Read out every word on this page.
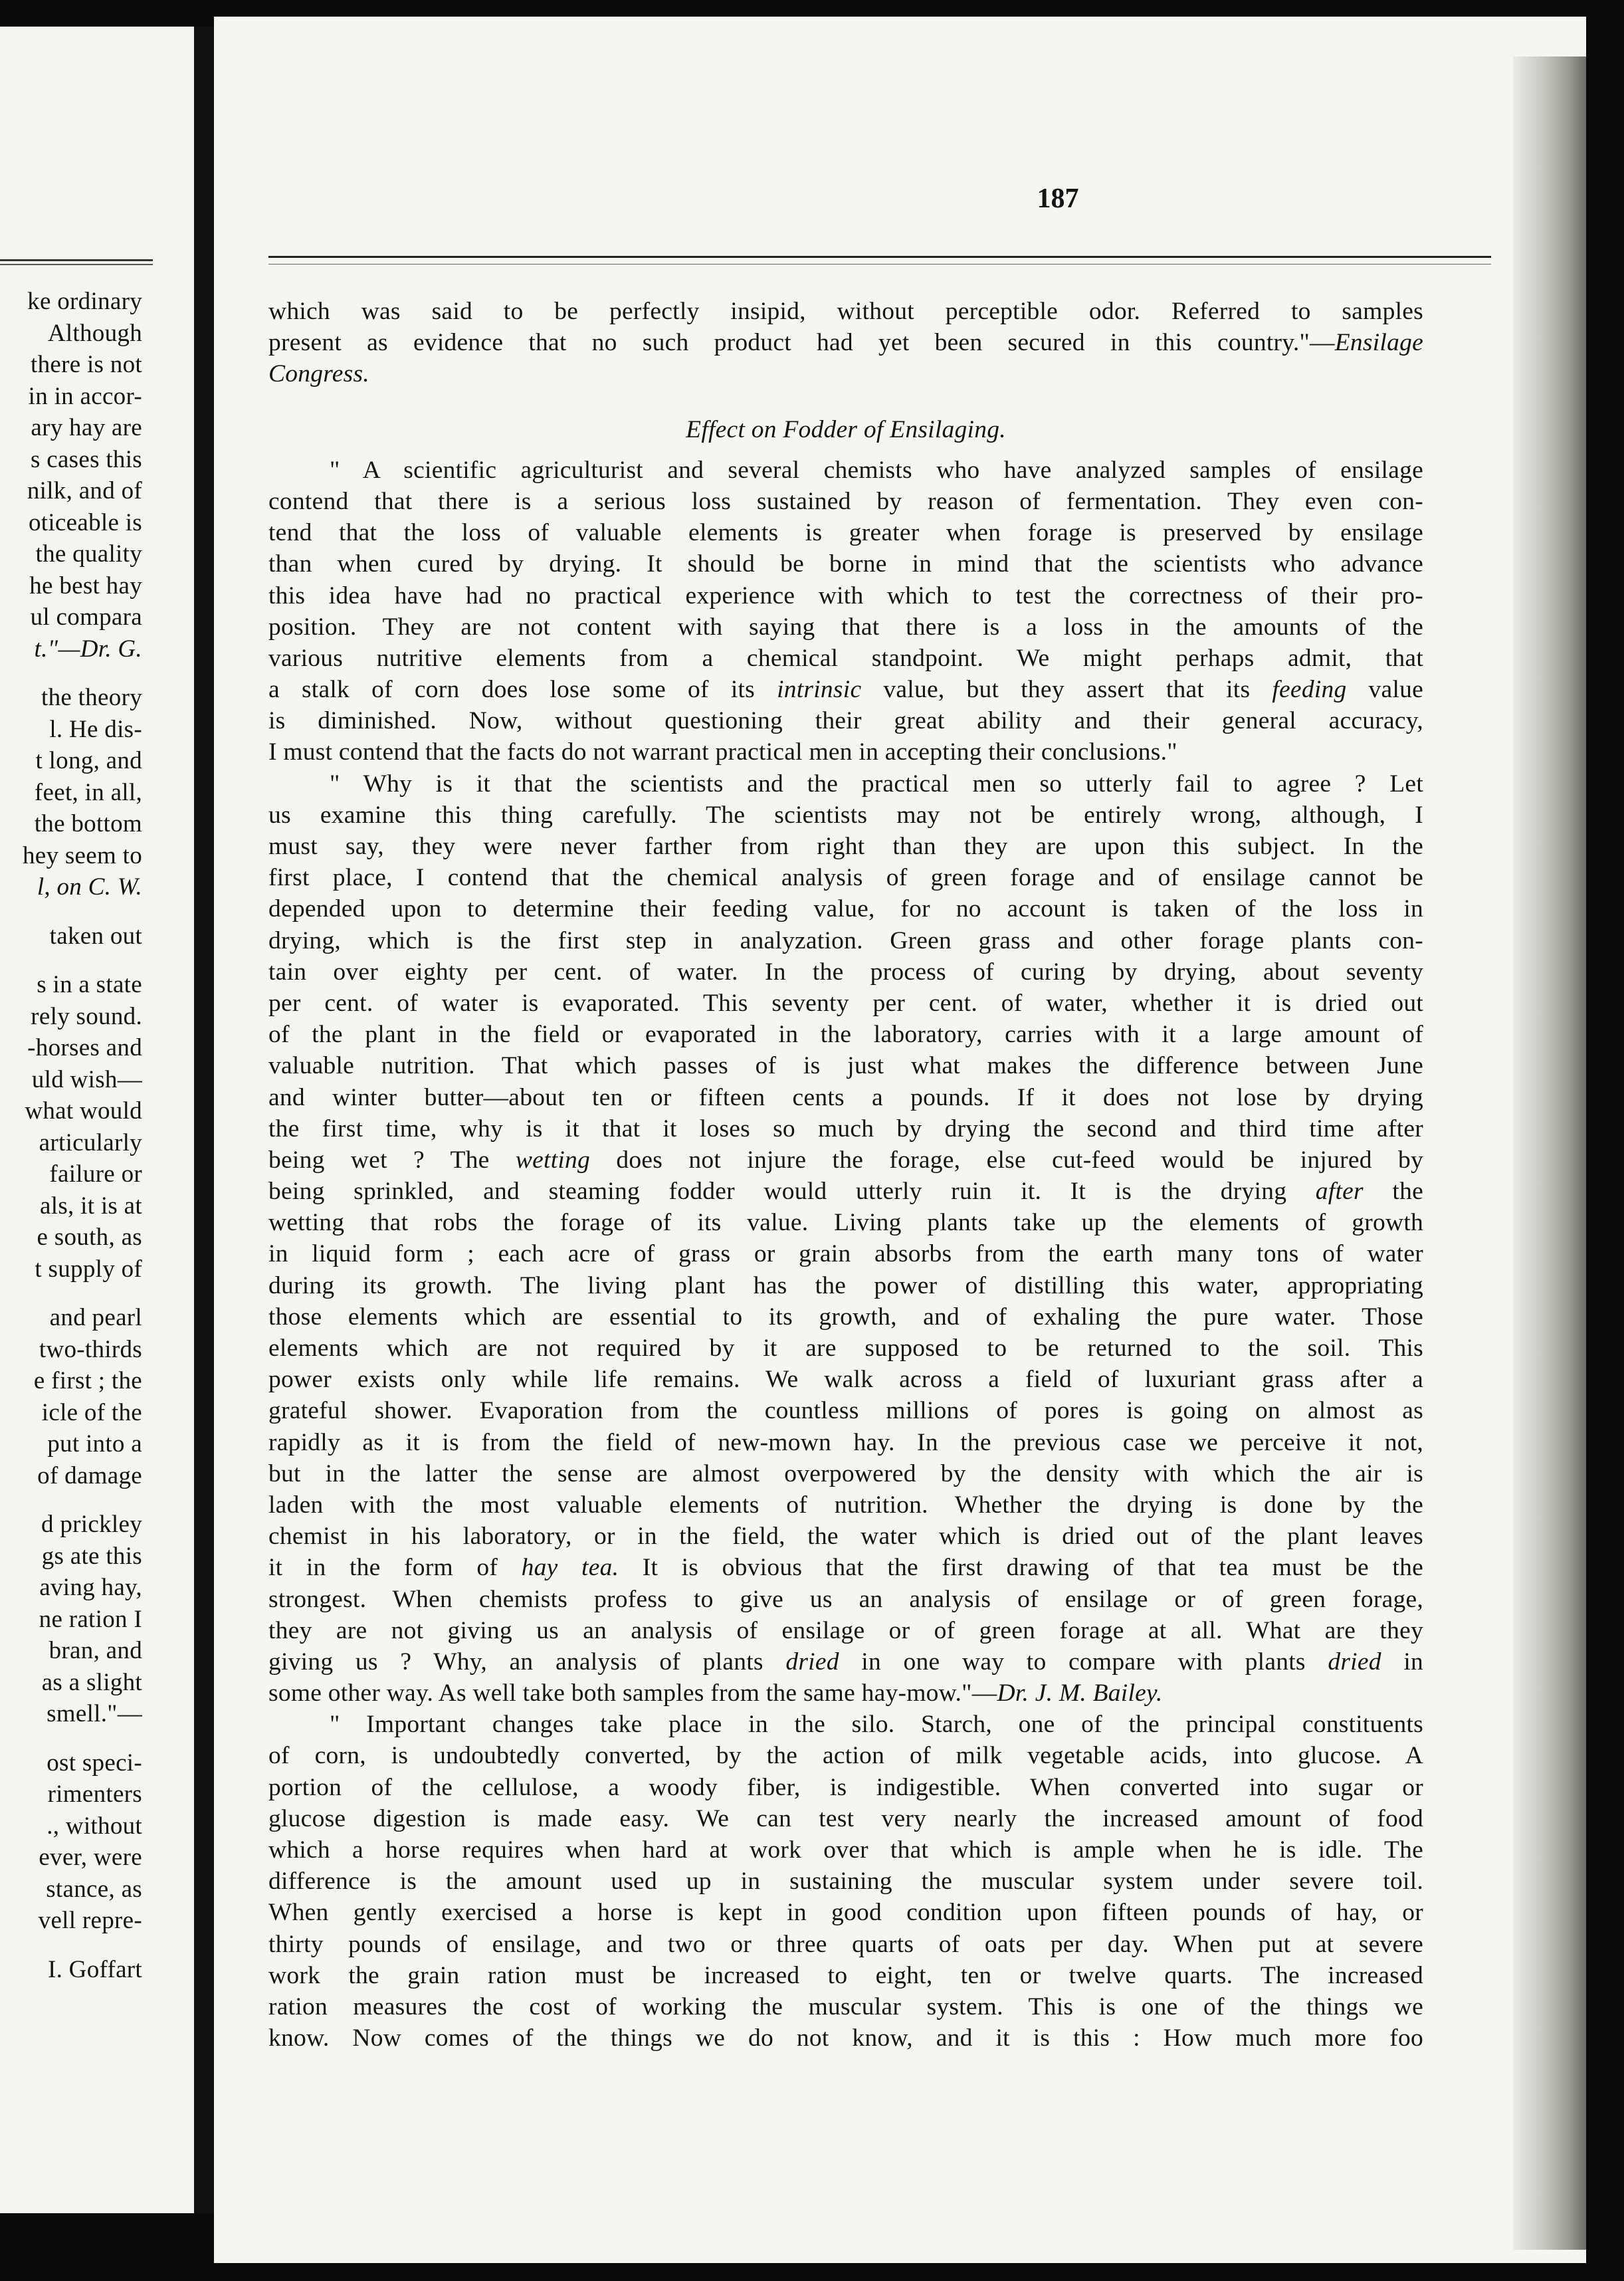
ke ordinary
Although
there is not
in in accor-
ary hay are
s cases this
nilk, and of
oticeable is
the quality
he best hay
ul compara
t."—Dr. G.
the theory
l. He dis-
t long, and
feet, in all,
the bottom
hey seem to
l, on C. W.
taken out
s in a state
rely sound.
-horses and
uld wish—
what would
articularly
failure or
als, it is at
e south, as
t supply of
and pearl
two-thirds
e first ; the
icle of the
put into a
of damage
d prickley
gs ate this
aving hay,
ne ration I
bran, and
as a slight
smell."—
ost speci-
rimenters
., without
ever, were
stance, as
vell repre-
I. Goffart
187
which was said to be perfectly insipid, without perceptible odor. Referred to samples
present as evidence that no such product had yet been secured in this country."—Ensilage
Congress.
Effect on Fodder of Ensilaging.
" A scientific agriculturist and several chemists who have analyzed samples of ensilage
contend that there is a serious loss sustained by reason of fermentation. They even con-
tend that the loss of valuable elements is greater when forage is preserved by ensilage
than when cured by drying. It should be borne in mind that the scientists who advance
this idea have had no practical experience with which to test the correctness of their pro-
position. They are not content with saying that there is a loss in the amounts of the
various nutritive elements from a chemical standpoint. We might perhaps admit, that
a stalk of corn does lose some of its intrinsic value, but they assert that its feeding value
is diminished. Now, without questioning their great ability and their general accuracy,
I must contend that the facts do not warrant practical men in accepting their conclusions."
" Why is it that the scientists and the practical men so utterly fail to agree ? Let
us examine this thing carefully. The scientists may not be entirely wrong, although, I
must say, they were never farther from right than they are upon this subject. In the
first place, I contend that the chemical analysis of green forage and of ensilage cannot be
depended upon to determine their feeding value, for no account is taken of the loss in
drying, which is the first step in analyzation. Green grass and other forage plants con-
tain over eighty per cent. of water. In the process of curing by drying, about seventy
per cent. of water is evaporated. This seventy per cent. of water, whether it is dried out
of the plant in the field or evaporated in the laboratory, carries with it a large amount of
valuable nutrition. That which passes of is just what makes the difference between June
and winter butter—about ten or fifteen cents a pounds. If it does not lose by drying
the first time, why is it that it loses so much by drying the second and third time after
being wet ? The wetting does not injure the forage, else cut-feed would be injured by
being sprinkled, and steaming fodder would utterly ruin it. It is the drying after the
wetting that robs the forage of its value. Living plants take up the elements of growth
in liquid form ; each acre of grass or grain absorbs from the earth many tons of water
during its growth. The living plant has the power of distilling this water, appropriating
those elements which are essential to its growth, and of exhaling the pure water. Those
elements which are not required by it are supposed to be returned to the soil. This
power exists only while life remains. We walk across a field of luxuriant grass after a
grateful shower. Evaporation from the countless millions of pores is going on almost as
rapidly as it is from the field of new-mown hay. In the previous case we perceive it not,
but in the latter the sense are almost overpowered by the density with which the air is
laden with the most valuable elements of nutrition. Whether the drying is done by the
chemist in his laboratory, or in the field, the water which is dried out of the plant leaves
it in the form of hay tea. It is obvious that the first drawing of that tea must be the
strongest. When chemists profess to give us an analysis of ensilage or of green forage,
they are not giving us an analysis of ensilage or of green forage at all. What are they
giving us ? Why, an analysis of plants dried in one way to compare with plants dried in
some other way. As well take both samples from the same hay-mow."—Dr. J. M. Bailey.
" Important changes take place in the silo. Starch, one of the principal constituents
of corn, is undoubtedly converted, by the action of milk vegetable acids, into glucose. A
portion of the cellulose, a woody fiber, is indigestible. When converted into sugar or
glucose digestion is made easy. We can test very nearly the increased amount of food
which a horse requires when hard at work over that which is ample when he is idle. The
difference is the amount used up in sustaining the muscular system under severe toil.
When gently exercised a horse is kept in good condition upon fifteen pounds of hay, or
thirty pounds of ensilage, and two or three quarts of oats per day. When put at severe
work the grain ration must be increased to eight, ten or twelve quarts. The increased
ration measures the cost of working the muscular system. This is one of the things we
know. Now comes of the things we do not know, and it is this : How much more foo
